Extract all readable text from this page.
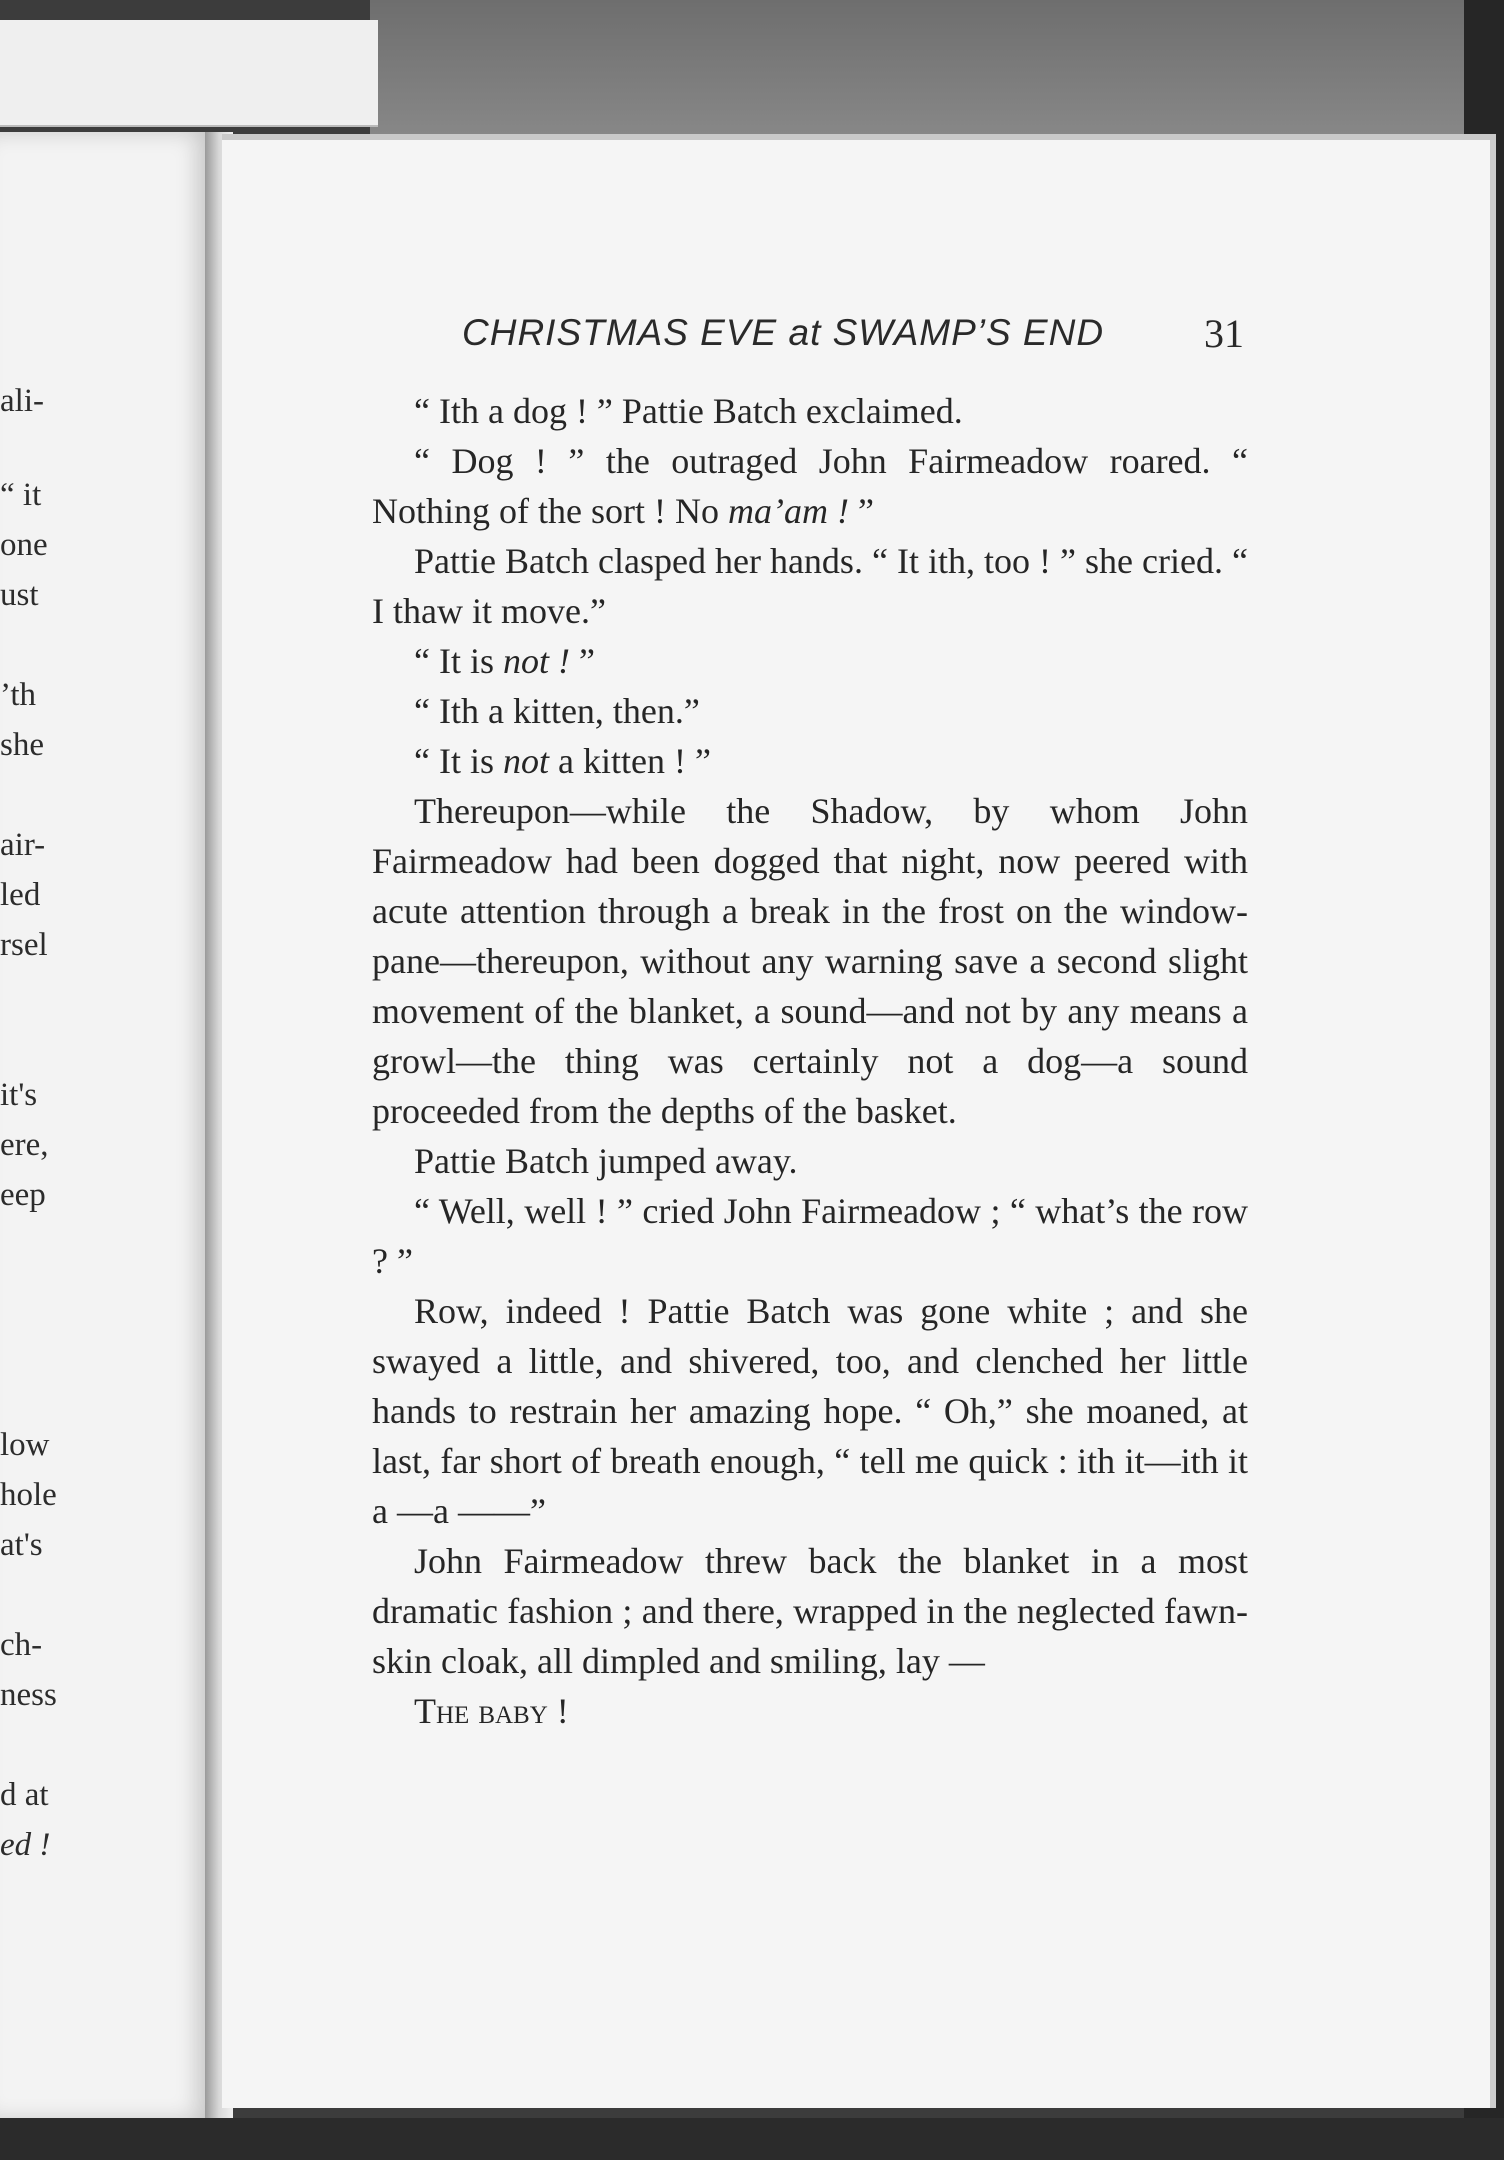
ali-
“ it
one
ust
’th
she
air-
led
rsel
it's
ere,
eep
low
hole
at's
ch-
ness
d at
ed !
CHRISTMAS EVE at SWAMP’S END 31

“ Ith a dog ! ” Pattie Batch exclaimed.

“ Dog ! ” the outraged John Fairmeadow roared. “ Nothing of the sort ! No ma’am ! ”

Pattie Batch clasped her hands. “ It ith, too ! ” she cried. “ I thaw it move.”

“ It is not ! ”

“ Ith a kitten, then.”

“ It is not a kitten ! ”

Thereupon—while the Shadow, by whom John Fairmeadow had been dogged that night, now peered with acute attention through a break in the frost on the window-pane—thereupon, without any warning save a second slight movement of the blanket, a sound—and not by any means a growl—the thing was certainly not a dog—a sound proceeded from the depths of the basket.

Pattie Batch jumped away.

“ Well, well ! ” cried John Fairmeadow ; “ what’s the row ? ”

Row, indeed ! Pattie Batch was gone white ; and she swayed a little, and shivered, too, and clenched her little hands to restrain her amazing hope. “ Oh,” she moaned, at last, far short of breath enough, “ tell me quick : ith it—ith it a —a ——”

John Fairmeadow threw back the blanket in a most dramatic fashion ; and there, wrapped in the neglected fawn-skin cloak, all dimpled and smiling, lay —

The baby !
